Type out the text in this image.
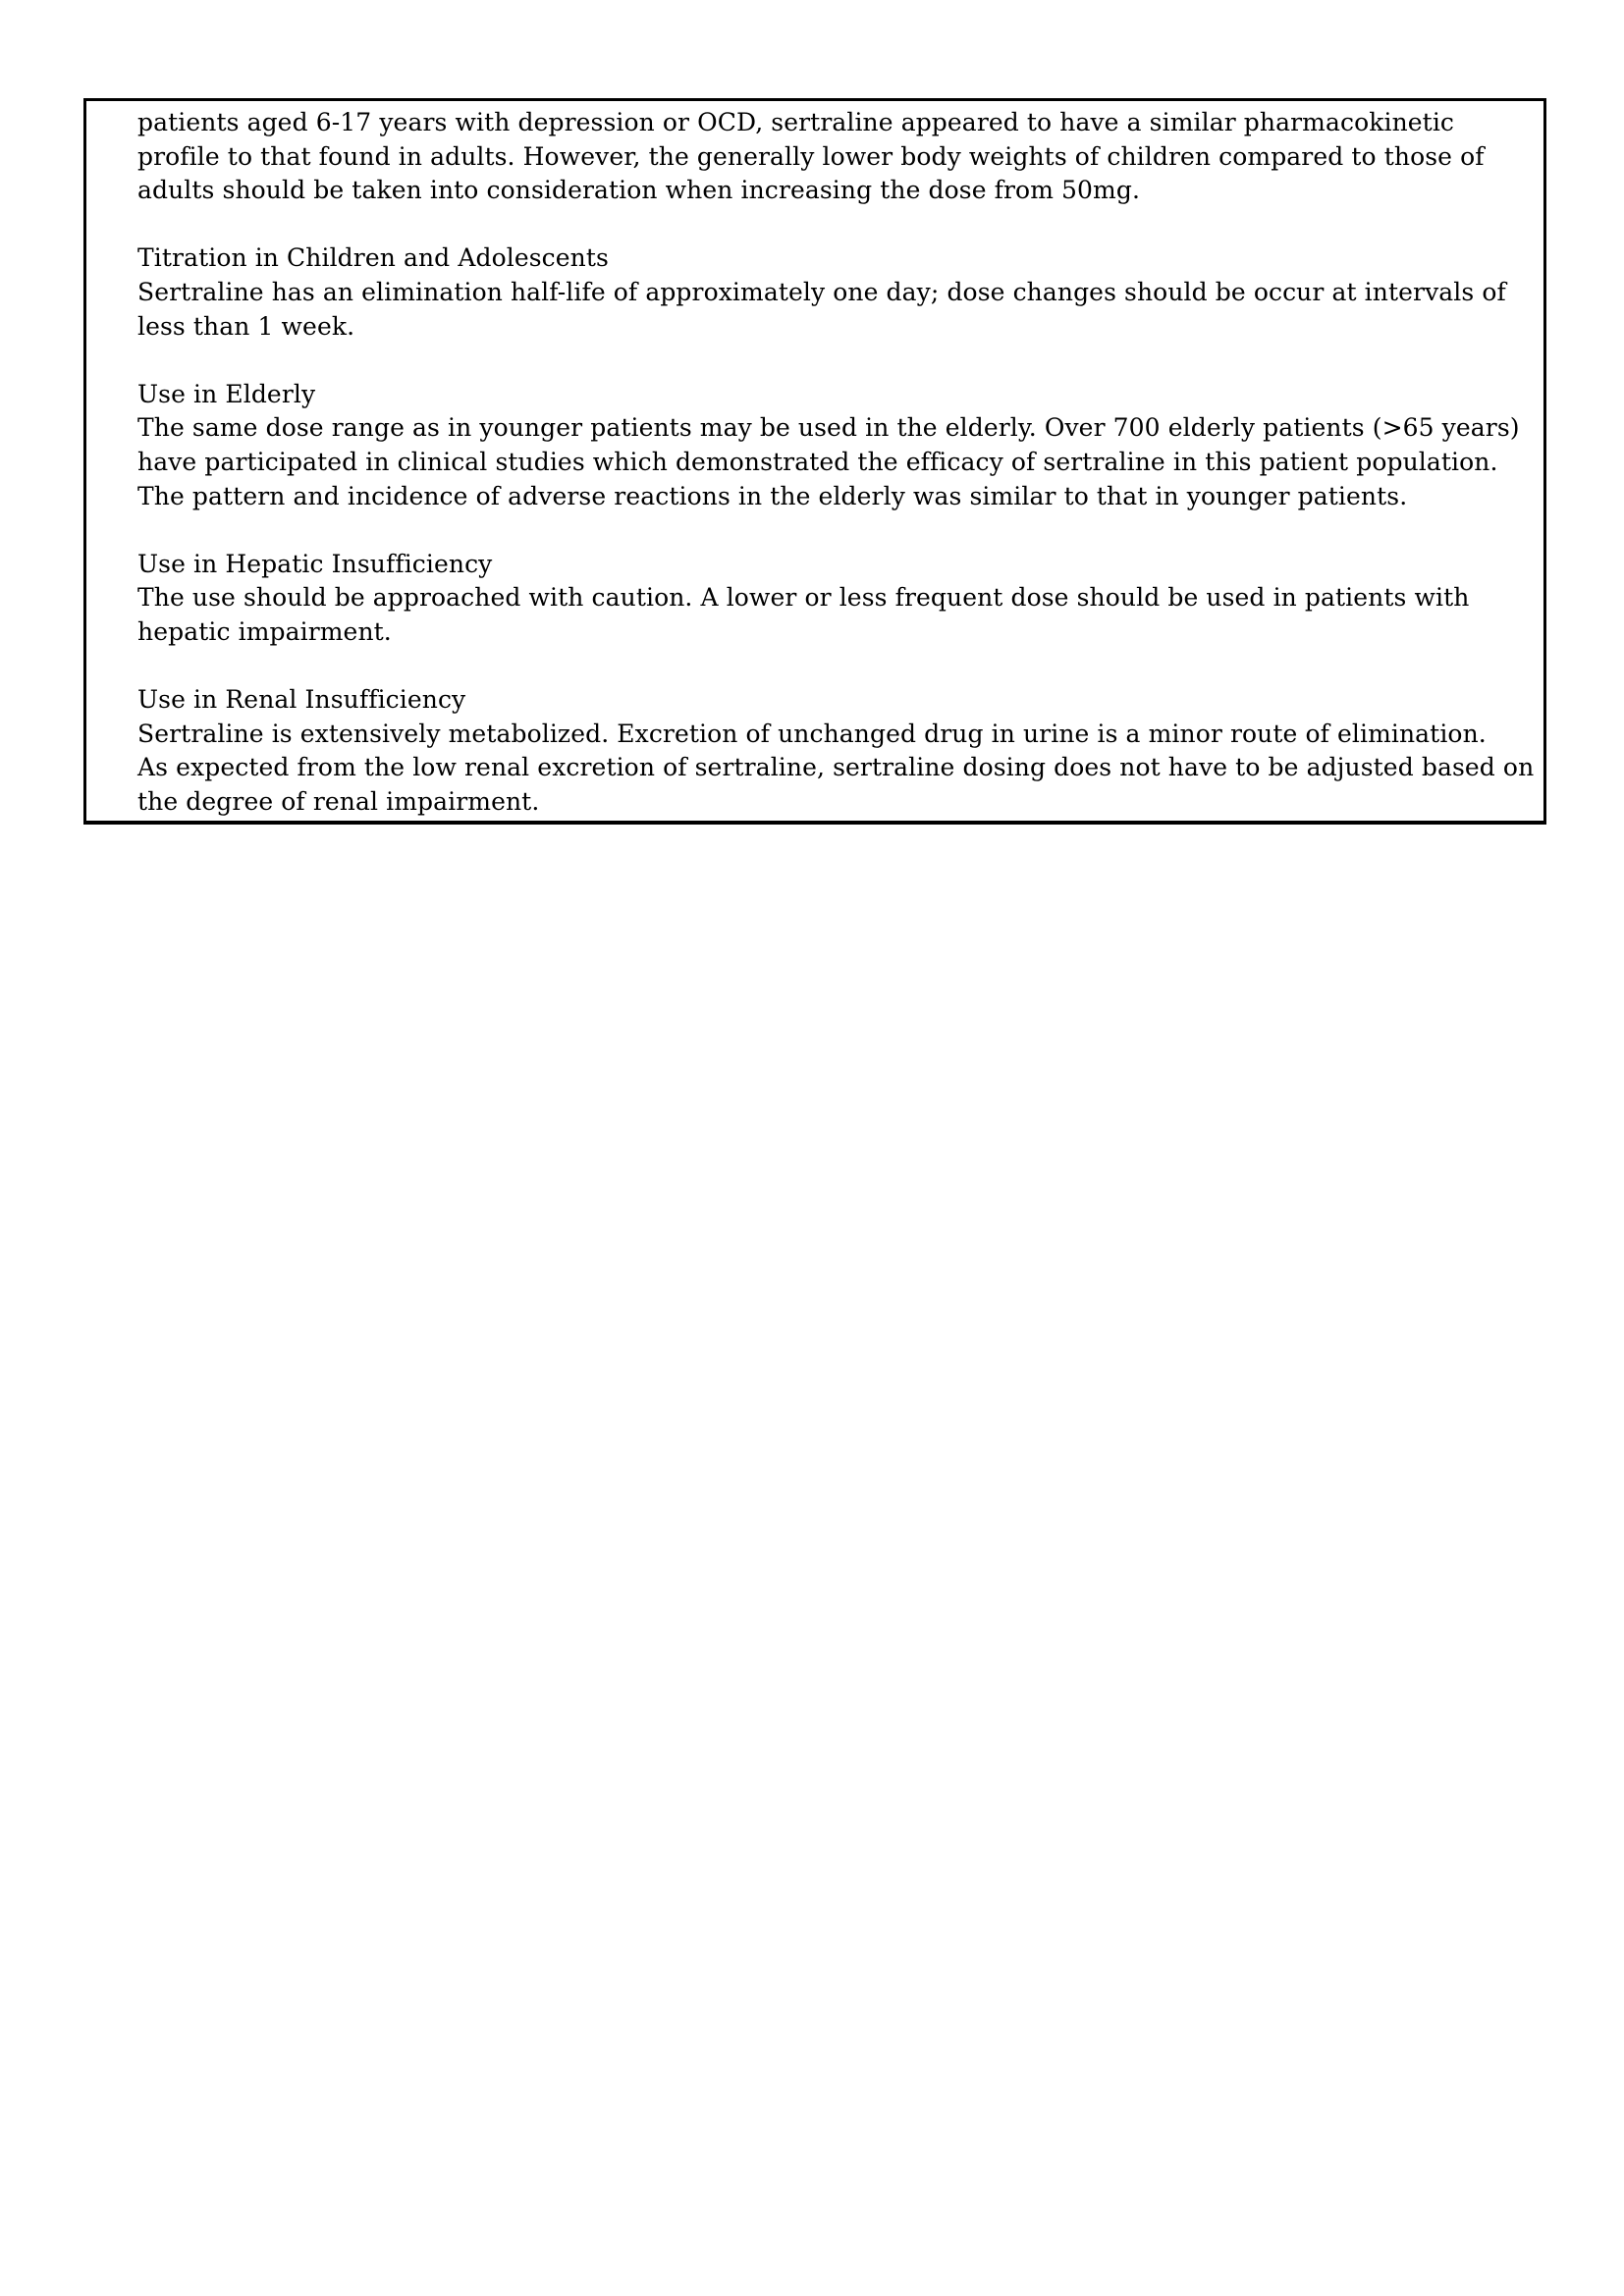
patients aged 6-17 years with depression or OCD, sertraline appeared to have a similar pharmacokinetic
profile to that found in adults. However, the generally lower body weights of children compared to those of
adults should be taken into consideration when increasing the dose from 50mg.
Titration in Children and Adolescents
Sertraline has an elimination half-life of approximately one day; dose changes should be occur at intervals of
less than 1 week.
Use in Elderly
The same dose range as in younger patients may be used in the elderly. Over 700 elderly patients (>65 years)
have participated in clinical studies which demonstrated the efficacy of sertraline in this patient population.
The pattern and incidence of adverse reactions in the elderly was similar to that in younger patients.
Use in Hepatic Insufficiency
The use should be approached with caution. A lower or less frequent dose should be used in patients with
hepatic impairment.
Use in Renal Insufficiency
Sertraline is extensively metabolized. Excretion of unchanged drug in urine is a minor route of elimination.
As expected from the low renal excretion of sertraline, sertraline dosing does not have to be adjusted based on
the degree of renal impairment.
